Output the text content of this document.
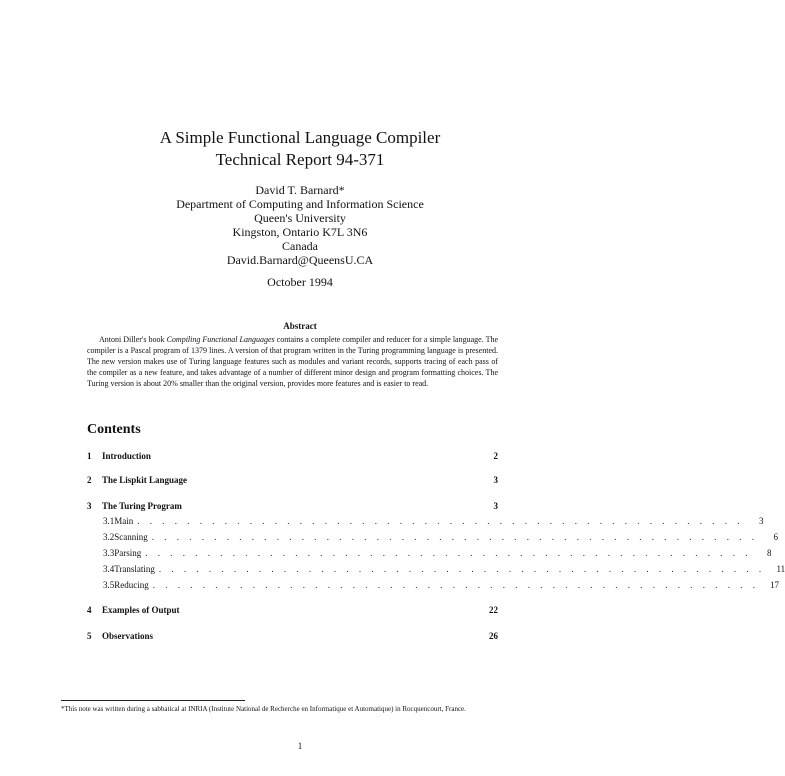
A Simple Functional Language Compiler
Technical Report 94-371
David T. Barnard*
Department of Computing and Information Science
Queen's University
Kingston, Ontario K7L 3N6
Canada
David.Barnard@QueensU.CA
October 1994
Abstract
Antoni Diller's book Compiling Functional Languages contains a complete compiler and reducer for a simple language. The compiler is a Pascal program of 1379 lines. A version of that program written in the Turing programming language is presented. The new version makes use of Turing language features such as modules and variant records, supports tracing of each pass of the compiler as a new feature, and takes advantage of a number of different minor design and program formatting choices. The Turing version is about 20% smaller than the original version, provides more features and is easier to read.
Contents
1	Introduction	2
2	The Lispkit Language	3
3	The Turing Program	3
3.1 Main . . . . . . . . . . . . . . . . . . . . . . . . . . . . . . . . . . . . . . . . . . . . . . . . .	3
3.2 Scanning . . . . . . . . . . . . . . . . . . . . . . . . . . . . . . . . . . . . . . . . . . . . . . . . .	6
3.3 Parsing . . . . . . . . . . . . . . . . . . . . . . . . . . . . . . . . . . . . . . . . . . . . . . . . .	8
3.4 Translating . . . . . . . . . . . . . . . . . . . . . . . . . . . . . . . . . . . . . . . . . . . . . . . . .	11
3.5 Reducing . . . . . . . . . . . . . . . . . . . . . . . . . . . . . . . . . . . . . . . . . . . . . . . . .	17
4	Examples of Output	22
5	Observations	26
*This note was written during a sabbatical at INRIA (Institute National de Recherche en Informatique et Automatique) in Rocquencourt, France.
1
